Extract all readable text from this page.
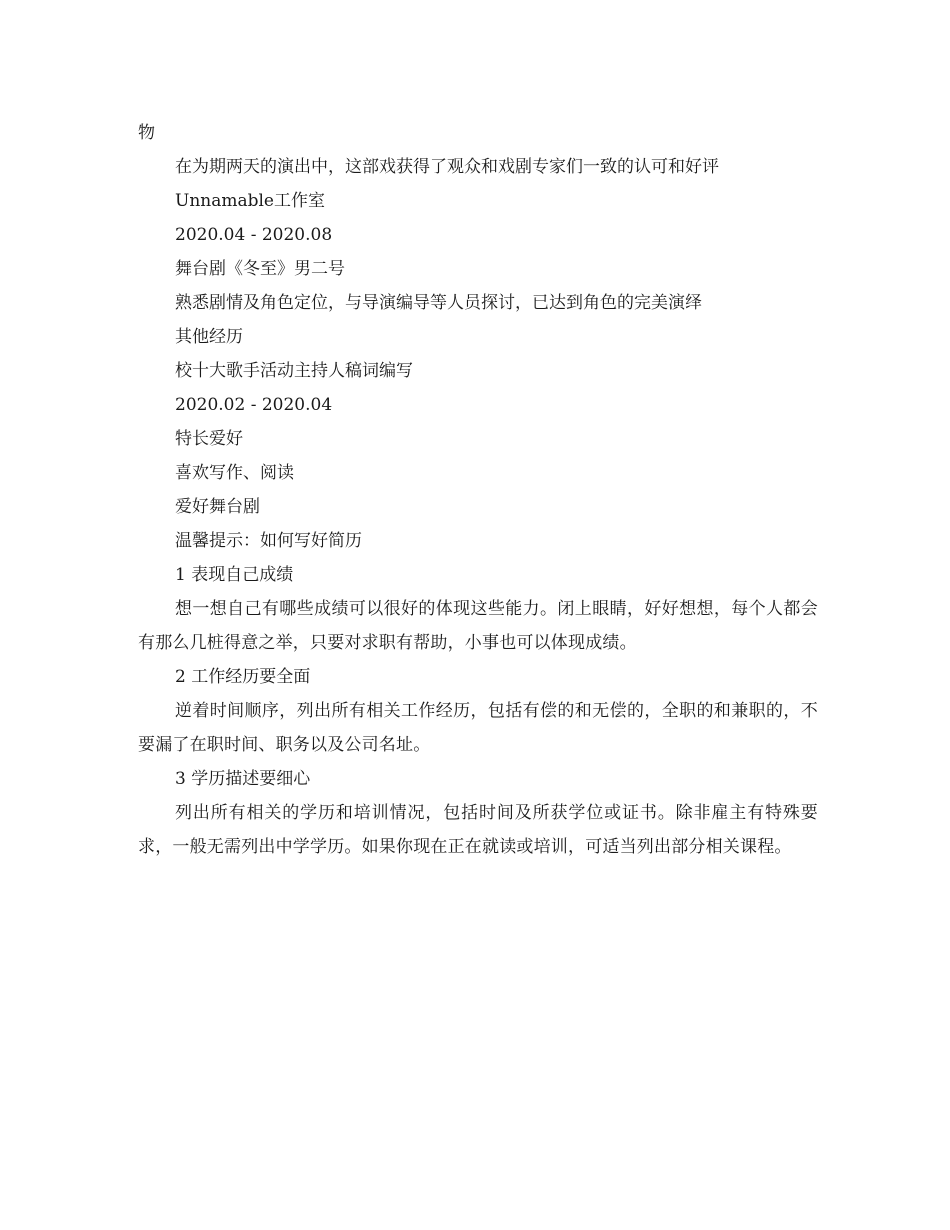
物
在为期两天的演出中，这部戏获得了观众和戏剧专家们一致的认可和好评
Unnamable工作室
2020.04 - 2020.08
舞台剧《冬至》男二号
熟悉剧情及角色定位，与导演编导等人员探讨，已达到角色的完美演绎
其他经历
校十大歌手活动主持人稿词编写
2020.02 - 2020.04
特长爱好
喜欢写作、阅读
爱好舞台剧
温馨提示：如何写好简历
1 表现自己成绩
想一想自己有哪些成绩可以很好的体现这些能力。闭上眼睛，好好想想，每个人都会有那么几桩得意之举，只要对求职有帮助，小事也可以体现成绩。
2 工作经历要全面
逆着时间顺序，列出所有相关工作经历，包括有偿的和无偿的，全职的和兼职的，不要漏了在职时间、职务以及公司名址。
3 学历描述要细心
列出所有相关的学历和培训情况，包括时间及所获学位或证书。除非雇主有特殊要求，一般无需列出中学学历。如果你现在正在就读或培训，可适当列出部分相关课程。
